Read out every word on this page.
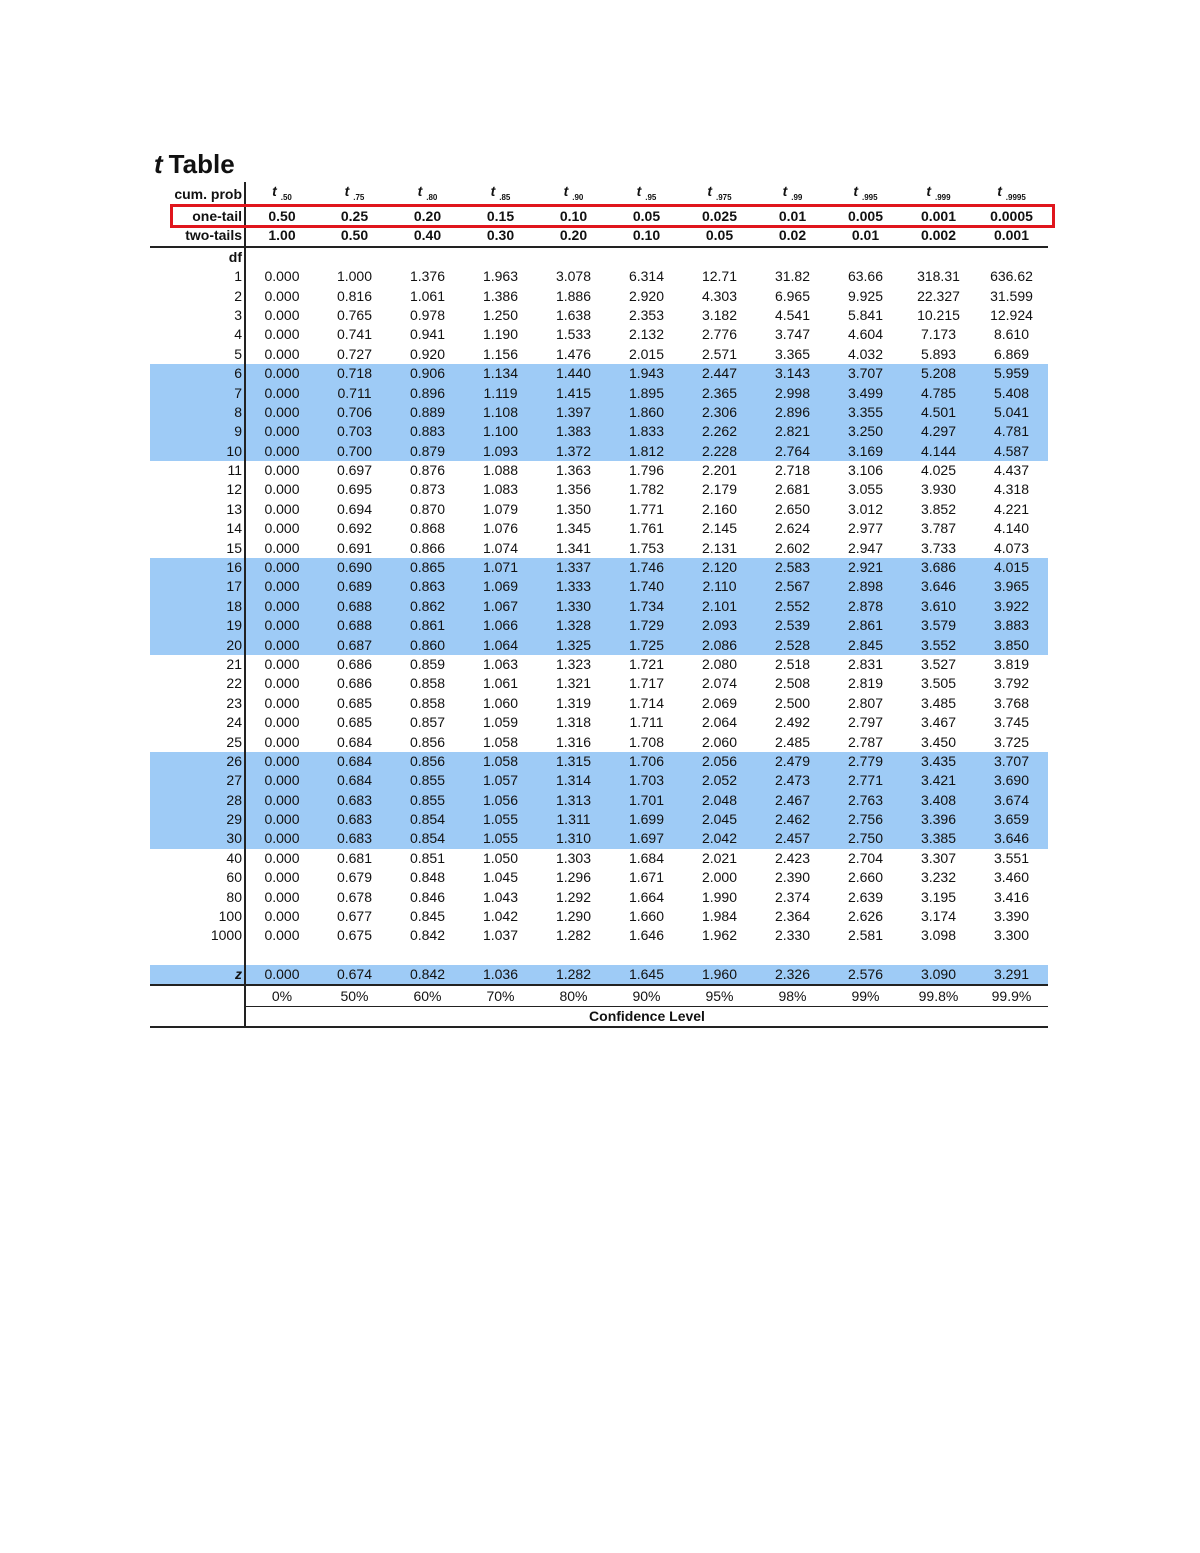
t Table
cum. prob	t $_{.50}$	t $_{.75}$	t $_{.80}$	t $_{.85}$	t $_{.90}$	t $_{.95}$	t $_{.975}$	t $_{.99}$	t $_{.995}$	t $_{.999}$	t $_{.9995}$
one-tail	0.50	0.25	0.20	0.15	0.10	0.05	0.025	0.01	0.005	0.001	0.0005
two-tails	1.00	0.50	0.40	0.30	0.20	0.10	0.05	0.02	0.01	0.002	0.001
df											
1	0.000	1.000	1.376	1.963	3.078	6.314	12.71	31.82	63.66	318.31	636.62
2	0.000	0.816	1.061	1.386	1.886	2.920	4.303	6.965	9.925	22.327	31.599
3	0.000	0.765	0.978	1.250	1.638	2.353	3.182	4.541	5.841	10.215	12.924
4	0.000	0.741	0.941	1.190	1.533	2.132	2.776	3.747	4.604	7.173	8.610
5	0.000	0.727	0.920	1.156	1.476	2.015	2.571	3.365	4.032	5.893	6.869
6	0.000	0.718	0.906	1.134	1.440	1.943	2.447	3.143	3.707	5.208	5.959
7	0.000	0.711	0.896	1.119	1.415	1.895	2.365	2.998	3.499	4.785	5.408
8	0.000	0.706	0.889	1.108	1.397	1.860	2.306	2.896	3.355	4.501	5.041
9	0.000	0.703	0.883	1.100	1.383	1.833	2.262	2.821	3.250	4.297	4.781
10	0.000	0.700	0.879	1.093	1.372	1.812	2.228	2.764	3.169	4.144	4.587
11	0.000	0.697	0.876	1.088	1.363	1.796	2.201	2.718	3.106	4.025	4.437
12	0.000	0.695	0.873	1.083	1.356	1.782	2.179	2.681	3.055	3.930	4.318
13	0.000	0.694	0.870	1.079	1.350	1.771	2.160	2.650	3.012	3.852	4.221
14	0.000	0.692	0.868	1.076	1.345	1.761	2.145	2.624	2.977	3.787	4.140
15	0.000	0.691	0.866	1.074	1.341	1.753	2.131	2.602	2.947	3.733	4.073
16	0.000	0.690	0.865	1.071	1.337	1.746	2.120	2.583	2.921	3.686	4.015
17	0.000	0.689	0.863	1.069	1.333	1.740	2.110	2.567	2.898	3.646	3.965
18	0.000	0.688	0.862	1.067	1.330	1.734	2.101	2.552	2.878	3.610	3.922
19	0.000	0.688	0.861	1.066	1.328	1.729	2.093	2.539	2.861	3.579	3.883
20	0.000	0.687	0.860	1.064	1.325	1.725	2.086	2.528	2.845	3.552	3.850
21	0.000	0.686	0.859	1.063	1.323	1.721	2.080	2.518	2.831	3.527	3.819
22	0.000	0.686	0.858	1.061	1.321	1.717	2.074	2.508	2.819	3.505	3.792
23	0.000	0.685	0.858	1.060	1.319	1.714	2.069	2.500	2.807	3.485	3.768
24	0.000	0.685	0.857	1.059	1.318	1.711	2.064	2.492	2.797	3.467	3.745
25	0.000	0.684	0.856	1.058	1.316	1.708	2.060	2.485	2.787	3.450	3.725
26	0.000	0.684	0.856	1.058	1.315	1.706	2.056	2.479	2.779	3.435	3.707
27	0.000	0.684	0.855	1.057	1.314	1.703	2.052	2.473	2.771	3.421	3.690
28	0.000	0.683	0.855	1.056	1.313	1.701	2.048	2.467	2.763	3.408	3.674
29	0.000	0.683	0.854	1.055	1.311	1.699	2.045	2.462	2.756	3.396	3.659
30	0.000	0.683	0.854	1.055	1.310	1.697	2.042	2.457	2.750	3.385	3.646
40	0.000	0.681	0.851	1.050	1.303	1.684	2.021	2.423	2.704	3.307	3.551
60	0.000	0.679	0.848	1.045	1.296	1.671	2.000	2.390	2.660	3.232	3.460
80	0.000	0.678	0.846	1.043	1.292	1.664	1.990	2.374	2.639	3.195	3.416
100	0.000	0.677	0.845	1.042	1.290	1.660	1.984	2.364	2.626	3.174	3.390
1000	0.000	0.675	0.842	1.037	1.282	1.646	1.962	2.330	2.581	3.098	3.300

z	0.000	0.674	0.842	1.036	1.282	1.645	1.960	2.326	2.576	3.090	3.291
	0%	50%	60%	70%	80%	90%	95%	98%	99%	99.8%	99.9%
	Confidence Level										
